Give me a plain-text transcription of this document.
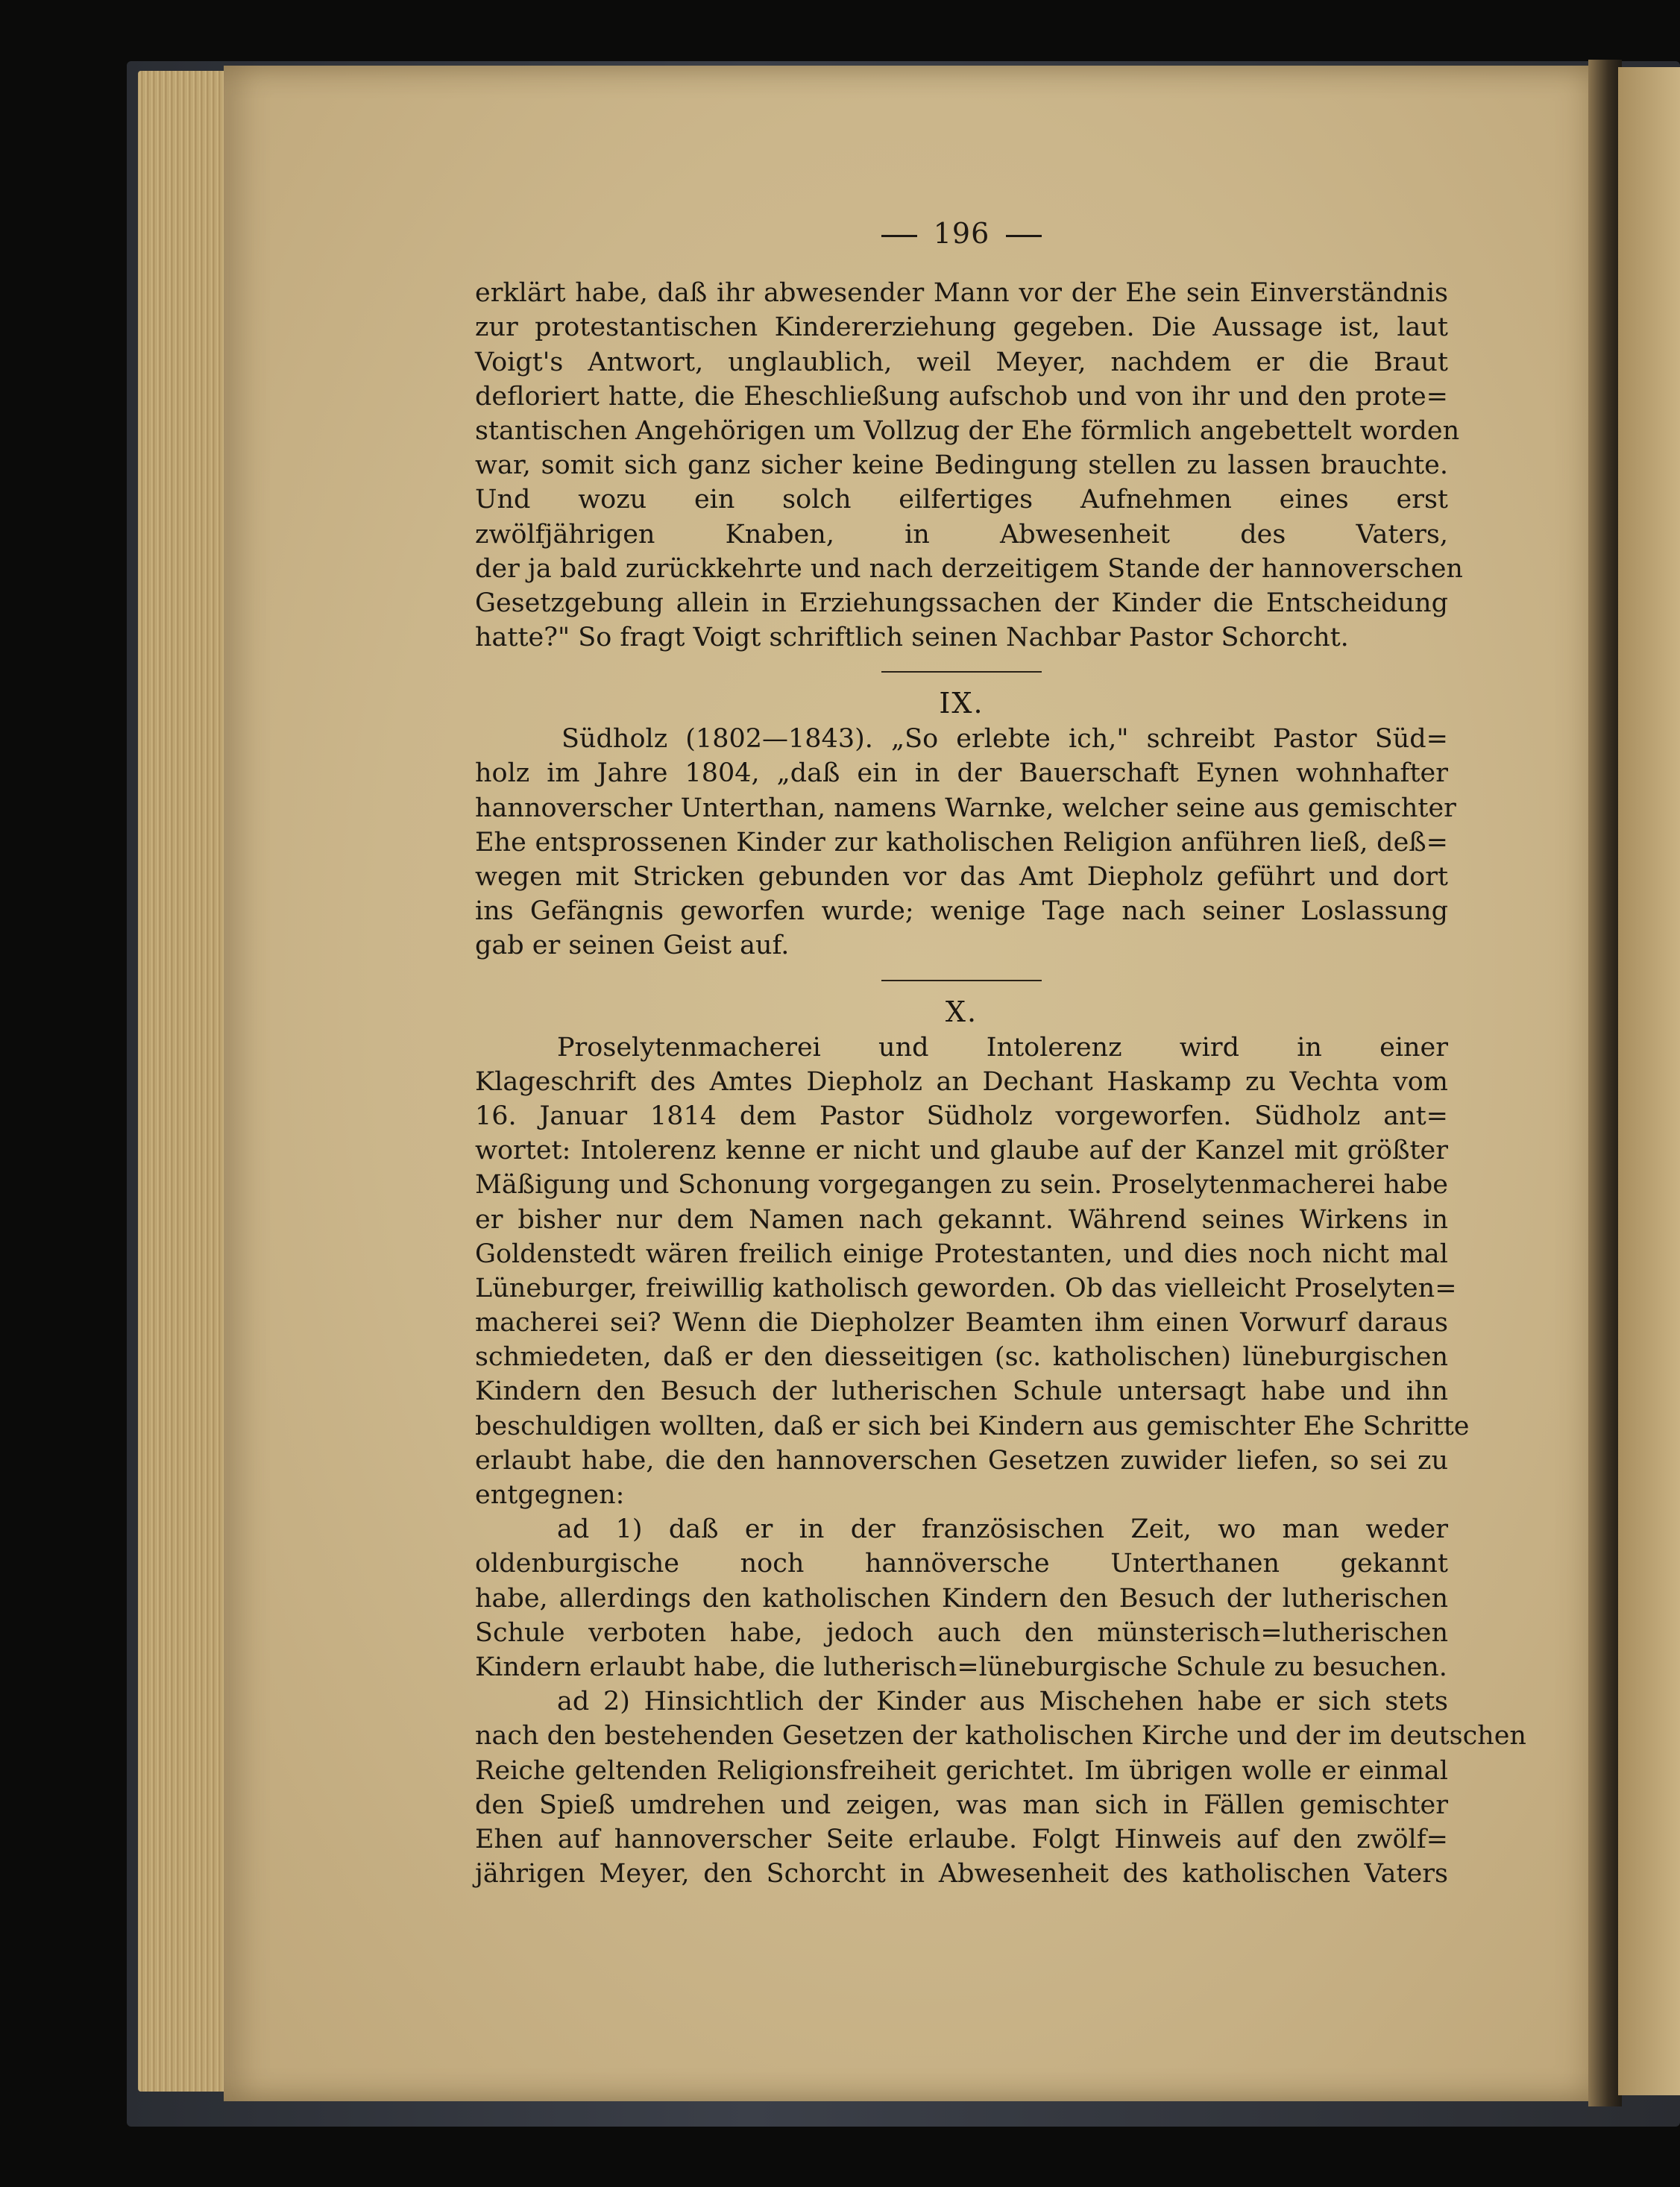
196
erklärt habe, daß ihr abwesender Mann vor der Ehe sein Einverständnis
zur protestantischen Kindererziehung gegeben. Die Aussage ist, laut
Voigt's Antwort, unglaublich, weil Meyer, nachdem er die Braut
defloriert hatte, die Eheschließung aufschob und von ihr und den prote=
stantischen Angehörigen um Vollzug der Ehe förmlich angebettelt worden
war, somit sich ganz sicher keine Bedingung stellen zu lassen brauchte.
Und wozu ein solch eilfertiges Aufnehmen eines erst
zwölfjährigen Knaben, in Abwesenheit des Vaters,
der ja bald zurückkehrte und nach derzeitigem Stande der hannoverschen
Gesetzgebung allein in Erziehungssachen der Kinder die Entscheidung
hatte?" So fragt Voigt schriftlich seinen Nachbar Pastor Schorcht.
IX.
Südholz (1802—1843). „So erlebte ich," schreibt Pastor Süd=
holz im Jahre 1804, „daß ein in der Bauerschaft Eynen wohnhafter
hannoverscher Unterthan, namens Warnke, welcher seine aus gemischter
Ehe entsprossenen Kinder zur katholischen Religion anführen ließ, deß=
wegen mit Stricken gebunden vor das Amt Diepholz geführt und dort
ins Gefängnis geworfen wurde; wenige Tage nach seiner Loslassung
gab er seinen Geist auf.
X.
Proselytenmacherei und Intolerenz wird in einer
Klageschrift des Amtes Diepholz an Dechant Haskamp zu Vechta vom
16. Januar 1814 dem Pastor Südholz vorgeworfen. Südholz ant=
wortet: Intolerenz kenne er nicht und glaube auf der Kanzel mit größter
Mäßigung und Schonung vorgegangen zu sein. Proselytenmacherei habe
er bisher nur dem Namen nach gekannt. Während seines Wirkens in
Goldenstedt wären freilich einige Protestanten, und dies noch nicht mal
Lüneburger, freiwillig katholisch geworden. Ob das vielleicht Proselyten=
macherei sei? Wenn die Diepholzer Beamten ihm einen Vorwurf daraus
schmiedeten, daß er den diesseitigen (sc. katholischen) lüneburgischen
Kindern den Besuch der lutherischen Schule untersagt habe und ihn
beschuldigen wollten, daß er sich bei Kindern aus gemischter Ehe Schritte
erlaubt habe, die den hannoverschen Gesetzen zuwider liefen, so sei zu
entgegnen:
ad 1) daß er in der französischen Zeit, wo man weder
oldenburgische noch hannöversche Unterthanen gekannt
habe, allerdings den katholischen Kindern den Besuch der lutherischen
Schule verboten habe, jedoch auch den münsterisch=lutherischen
Kindern erlaubt habe, die lutherisch=lüneburgische Schule zu besuchen.
ad 2) Hinsichtlich der Kinder aus Mischehen habe er sich stets
nach den bestehenden Gesetzen der katholischen Kirche und der im deutschen
Reiche geltenden Religionsfreiheit gerichtet. Im übrigen wolle er einmal
den Spieß umdrehen und zeigen, was man sich in Fällen gemischter
Ehen auf hannoverscher Seite erlaube. Folgt Hinweis auf den zwölf=
jährigen Meyer, den Schorcht in Abwesenheit des katholischen Vaters
